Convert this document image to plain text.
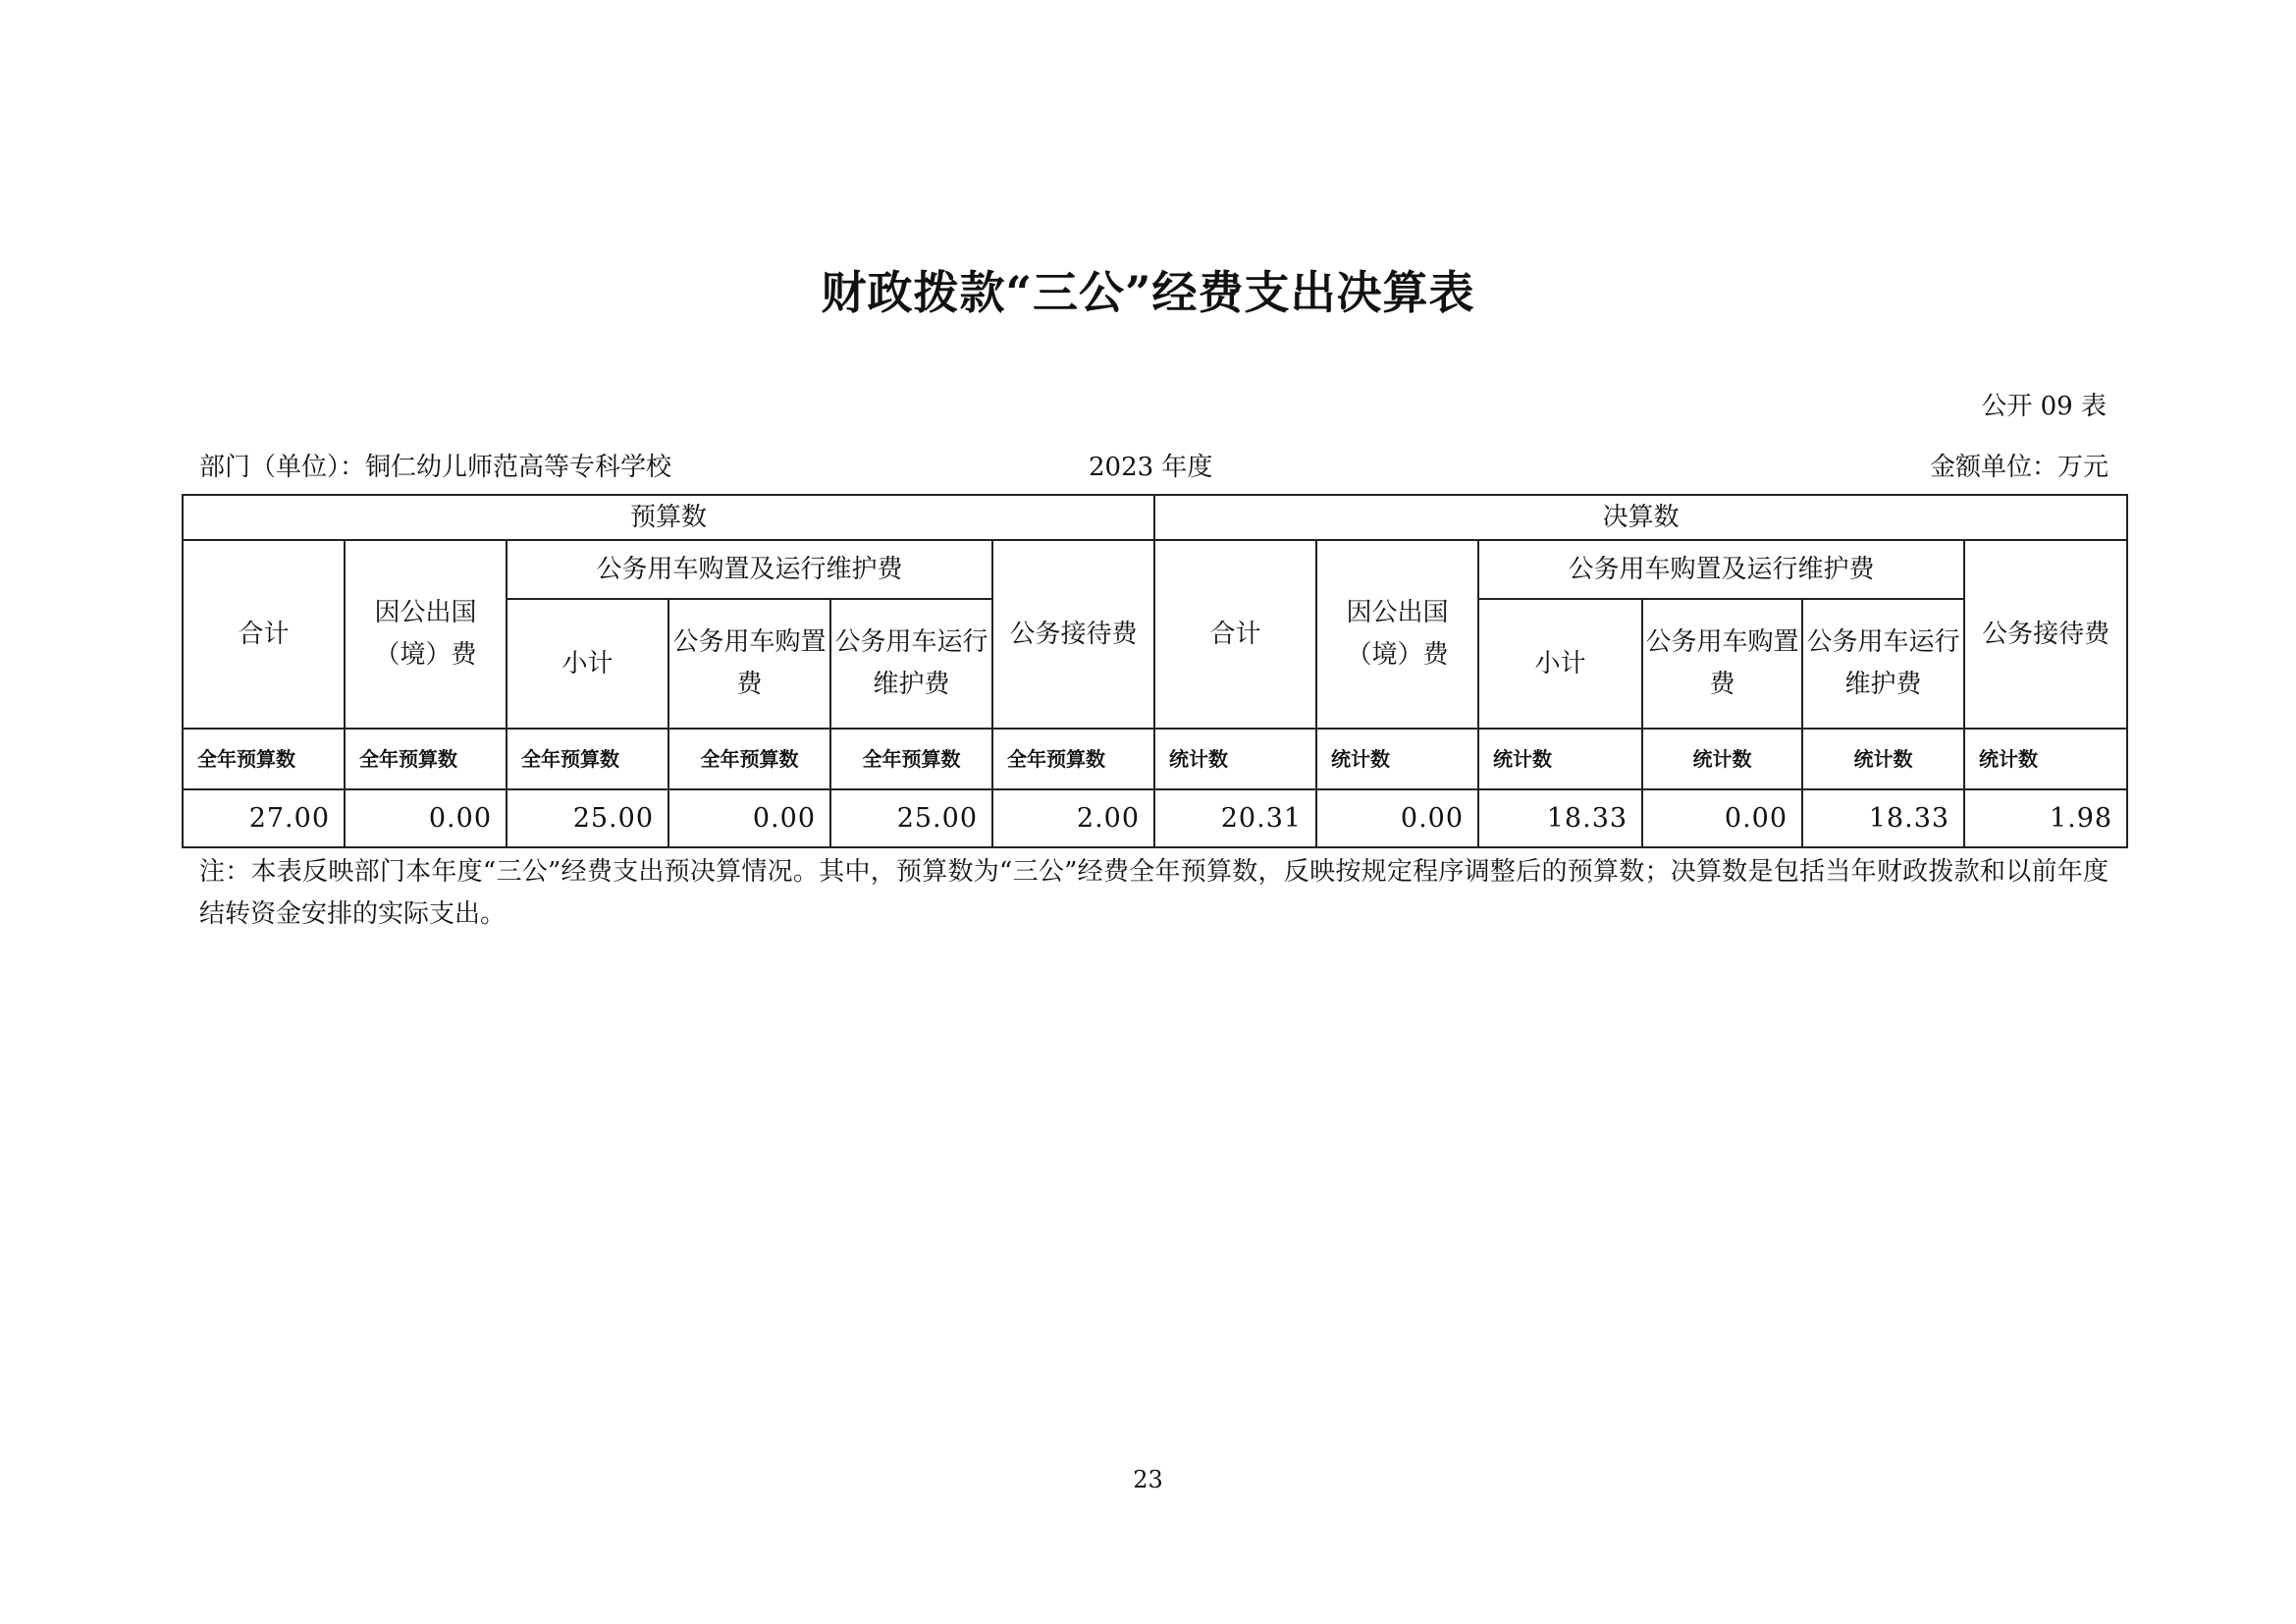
财政拨款“三公”经费支出决算表
公开 09 表
部门（单位）：铜仁幼儿师范高等专科学校	2023 年度	金额单位：万元
预算数						决算数					
合计	因公出国（境）费	公务用车购置及运行维护费			公务接待费	合计	因公出国（境）费	公务用车购置及运行维护费			公务接待费
		小计	公务用车购置费	公务用车运行维护费				小计	公务用车购置费	公务用车运行维护费	
全年预算数	全年预算数	全年预算数	全年预算数	全年预算数	全年预算数	统计数	统计数	统计数	统计数	统计数	统计数
27.00	0.00	25.00	0.00	25.00	2.00	20.31	0.00	18.33	0.00	18.33	1.98
注：本表反映部门本年度“三公”经费支出预决算情况。其中，预算数为“三公”经费全年预算数，反映按规定程序调整后的预算数；决算数是包括当年财政拨款和以前年度结转资金安排的实际支出。
23
